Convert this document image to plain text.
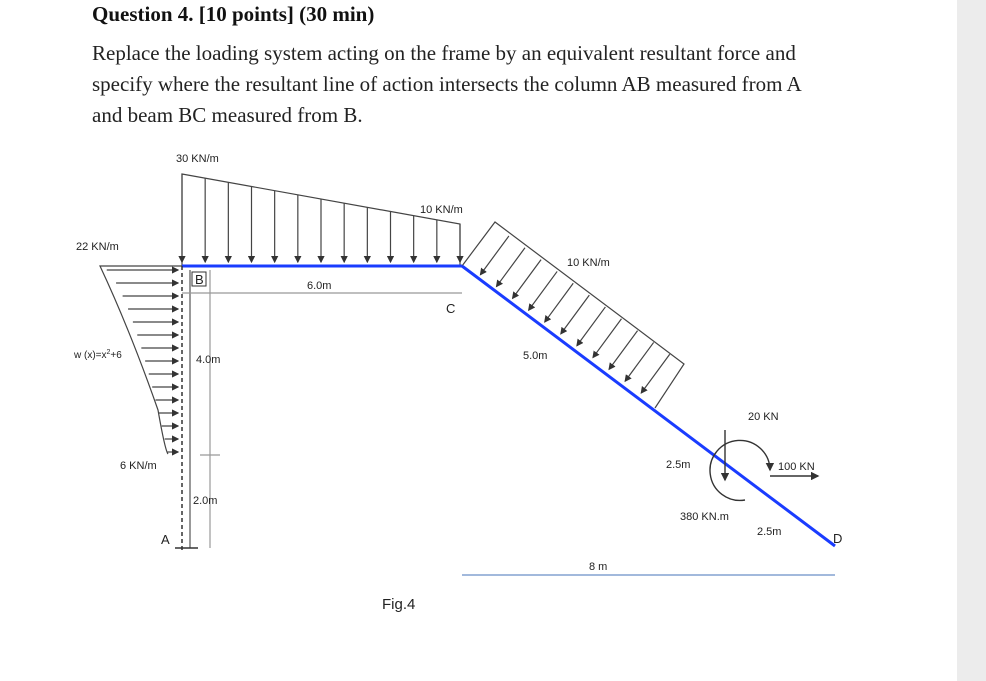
Question 4. [10 points] (30 min)
Replace the loading system acting on the frame by an equivalent resultant force and
specify where the resultant line of action intersects the column AB measured from A
and beam BC measured from B.
30 KN/m
10 KN/m
22 KN/m
10 KN/m
w $(x)=x^2+6$
6 KN/m
B
C
A	D
6.0m
4.0m
2.0m
5.0m
2.5m
2.5m
8 m
20 KN
100 KN
380 KN.m
Fig.4
